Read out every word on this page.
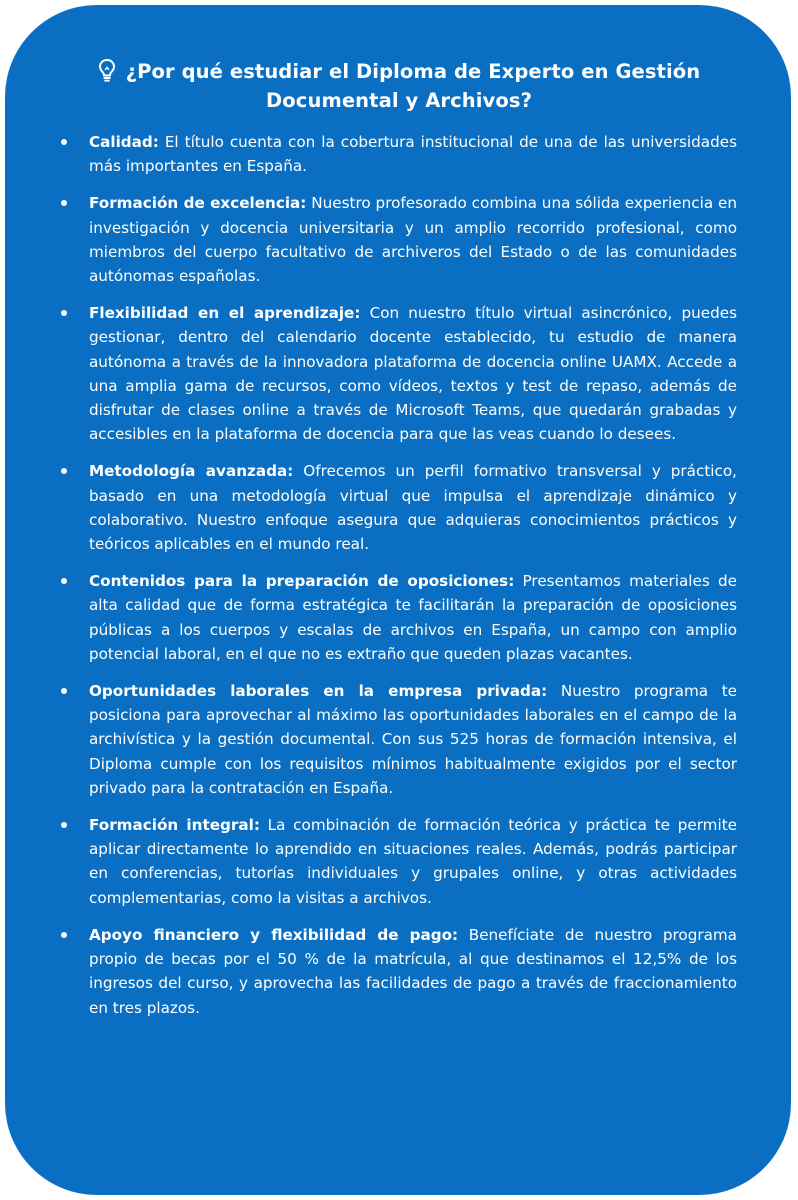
¿Por qué estudiar el Diploma de Experto en Gestión Documental y Archivos?
Calidad: El título cuenta con la cobertura institucional de una de las universidades más importantes en España.
Formación de excelencia: Nuestro profesorado combina una sólida experiencia en investigación y docencia universitaria y un amplio recorrido profesional, como miembros del cuerpo facultativo de archiveros del Estado o de las comunidades autónomas españolas.
Flexibilidad en el aprendizaje: Con nuestro título virtual asincrónico, puedes gestionar, dentro del calendario docente establecido, tu estudio de manera autónoma a través de la innovadora plataforma de docencia online UAMX. Accede a una amplia gama de recursos, como vídeos, textos y test de repaso, además de disfrutar de clases online a través de Microsoft Teams, que quedarán grabadas y accesibles en la plataforma de docencia para que las veas cuando lo desees.
Metodología avanzada: Ofrecemos un perfil formativo transversal y práctico, basado en una metodología virtual que impulsa el aprendizaje dinámico y colaborativo. Nuestro enfoque asegura que adquieras conocimientos prácticos y teóricos aplicables en el mundo real.
Contenidos para la preparación de oposiciones: Presentamos materiales de alta calidad que de forma estratégica te facilitarán la preparación de oposiciones públicas a los cuerpos y escalas de archivos en España, un campo con amplio potencial laboral, en el que no es extraño que queden plazas vacantes.
Oportunidades laborales en la empresa privada: Nuestro programa te posiciona para aprovechar al máximo las oportunidades laborales en el campo de la archivística y la gestión documental. Con sus 525 horas de formación intensiva, el Diploma cumple con los requisitos mínimos habitualmente exigidos por el sector privado para la contratación en España.
Formación integral: La combinación de formación teórica y práctica te permite aplicar directamente lo aprendido en situaciones reales. Además, podrás participar en conferencias, tutorías individuales y grupales online, y otras actividades complementarias, como la visitas a archivos.
Apoyo financiero y flexibilidad de pago: Benefíciate de nuestro programa propio de becas por el 50 % de la matrícula, al que destinamos el 12,5% de los ingresos del curso, y aprovecha las facilidades de pago a través de fraccionamiento en tres plazos.
